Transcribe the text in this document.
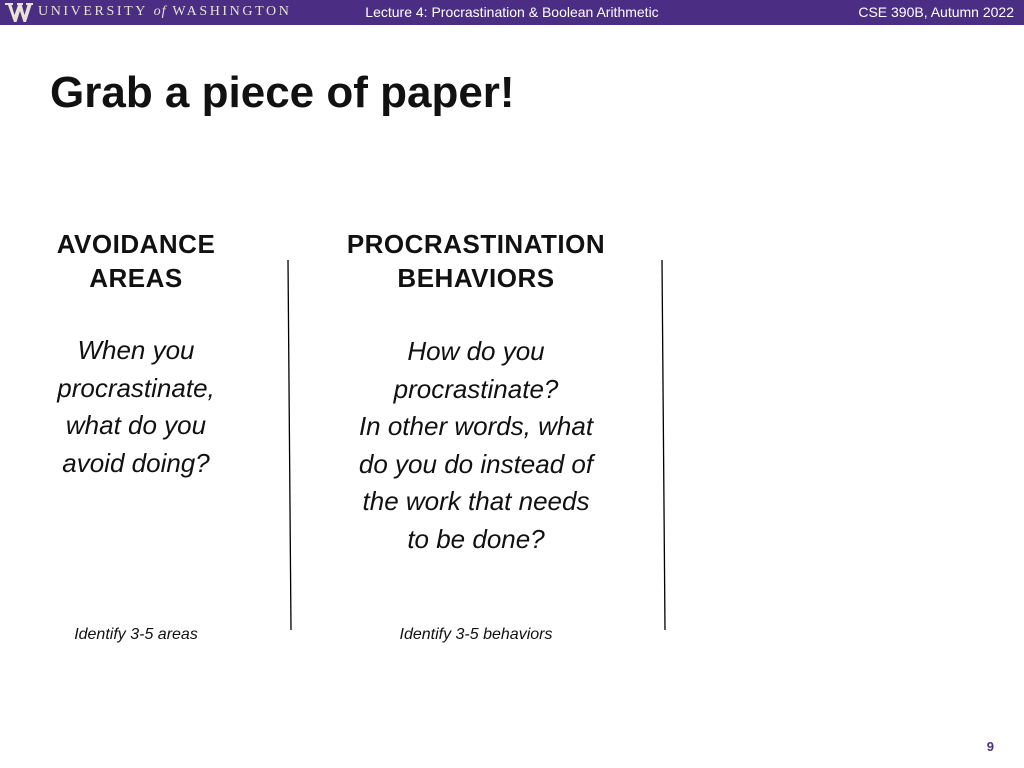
UNIVERSITY of WASHINGTON	Lecture 4: Procrastination & Boolean Arithmetic	CSE 390B, Autumn 2022
Grab a piece of paper!
AVOIDANCE
AREAS
When you
procrastinate,
what do you
avoid doing?
Identify 3-5 areas
PROCRASTINATION
BEHAVIORS
How do you
procrastinate?
In other words, what
do you do instead of
the work that needs
to be done?
Identify 3-5 behaviors
9
